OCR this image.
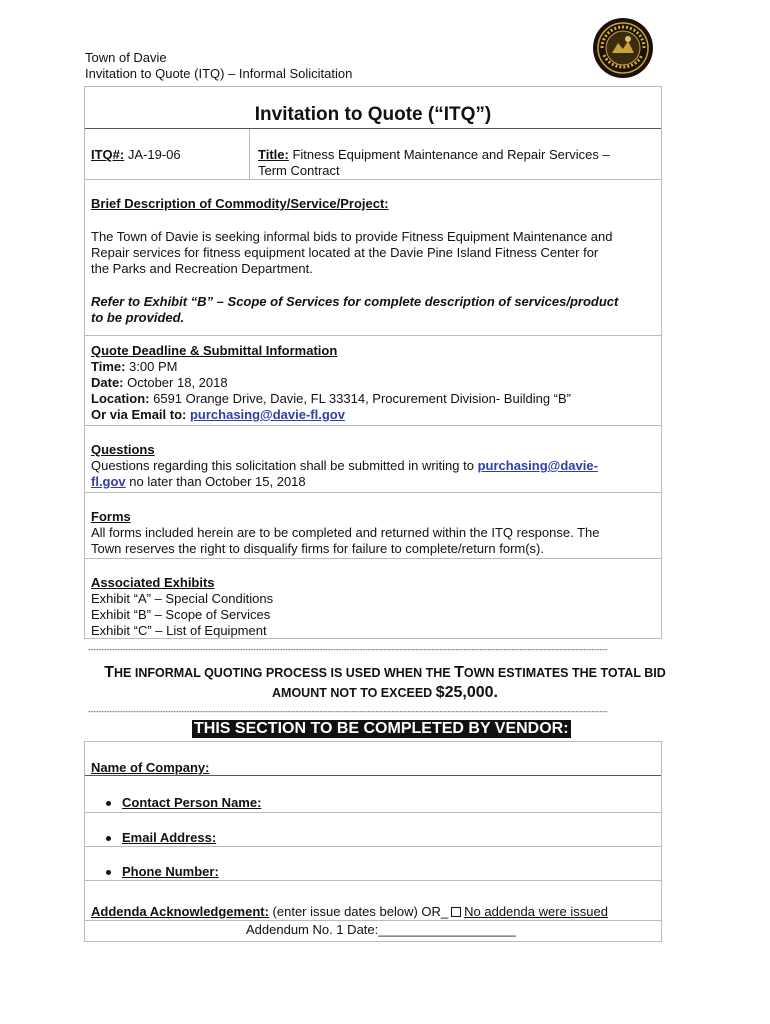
Town of Davie
Invitation to Quote (ITQ) – Informal Solicitation
Invitation to Quote (“ITQ”)
ITQ#: JA-19-06	Title: Fitness Equipment Maintenance and Repair Services –
Term Contract
Brief Description of Commodity/Service/Project:
The Town of Davie is seeking informal bids to provide Fitness Equipment Maintenance and
Repair services for fitness equipment located at the Davie Pine Island Fitness Center for
the Parks and Recreation Department.
Refer to Exhibit “B” – Scope of Services for complete description of services/product
to be provided.
Quote Deadline & Submittal Information
Time: 3:00 PM
Date: October 18, 2018
Location: 6591 Orange Drive, Davie, FL 33314, Procurement Division- Building “B”
Or via Email to: purchasing@davie-fl.gov
Questions
Questions regarding this solicitation shall be submitted in writing to purchasing@davie-
fl.gov no later than October 15, 2018
Forms
All forms included herein are to be completed and returned within the ITQ response. The
Town reserves the right to disqualify firms for failure to complete/return form(s).
Associated Exhibits
Exhibit “A” – Special Conditions
Exhibit “B” – Scope of Services
Exhibit “C” – List of Equipment
---------------------------------------------------------------------------------------------------------------------------------------------------------------------------------------------------
THE INFORMAL QUOTING PROCESS IS USED WHEN THE TOWN ESTIMATES THE TOTAL BID
AMOUNT NOT TO EXCEED $25,000.
---------------------------------------------------------------------------------------------------------------------------------------------------------------------------------------------------
THIS SECTION TO BE COMPLETED BY VENDOR:
Name of Company:
Contact Person Name:
Email Address:
Phone Number:
Addenda Acknowledgement: (enter issue dates below) OR_ No addenda were issued
Addendum No. 1 Date:___________________
